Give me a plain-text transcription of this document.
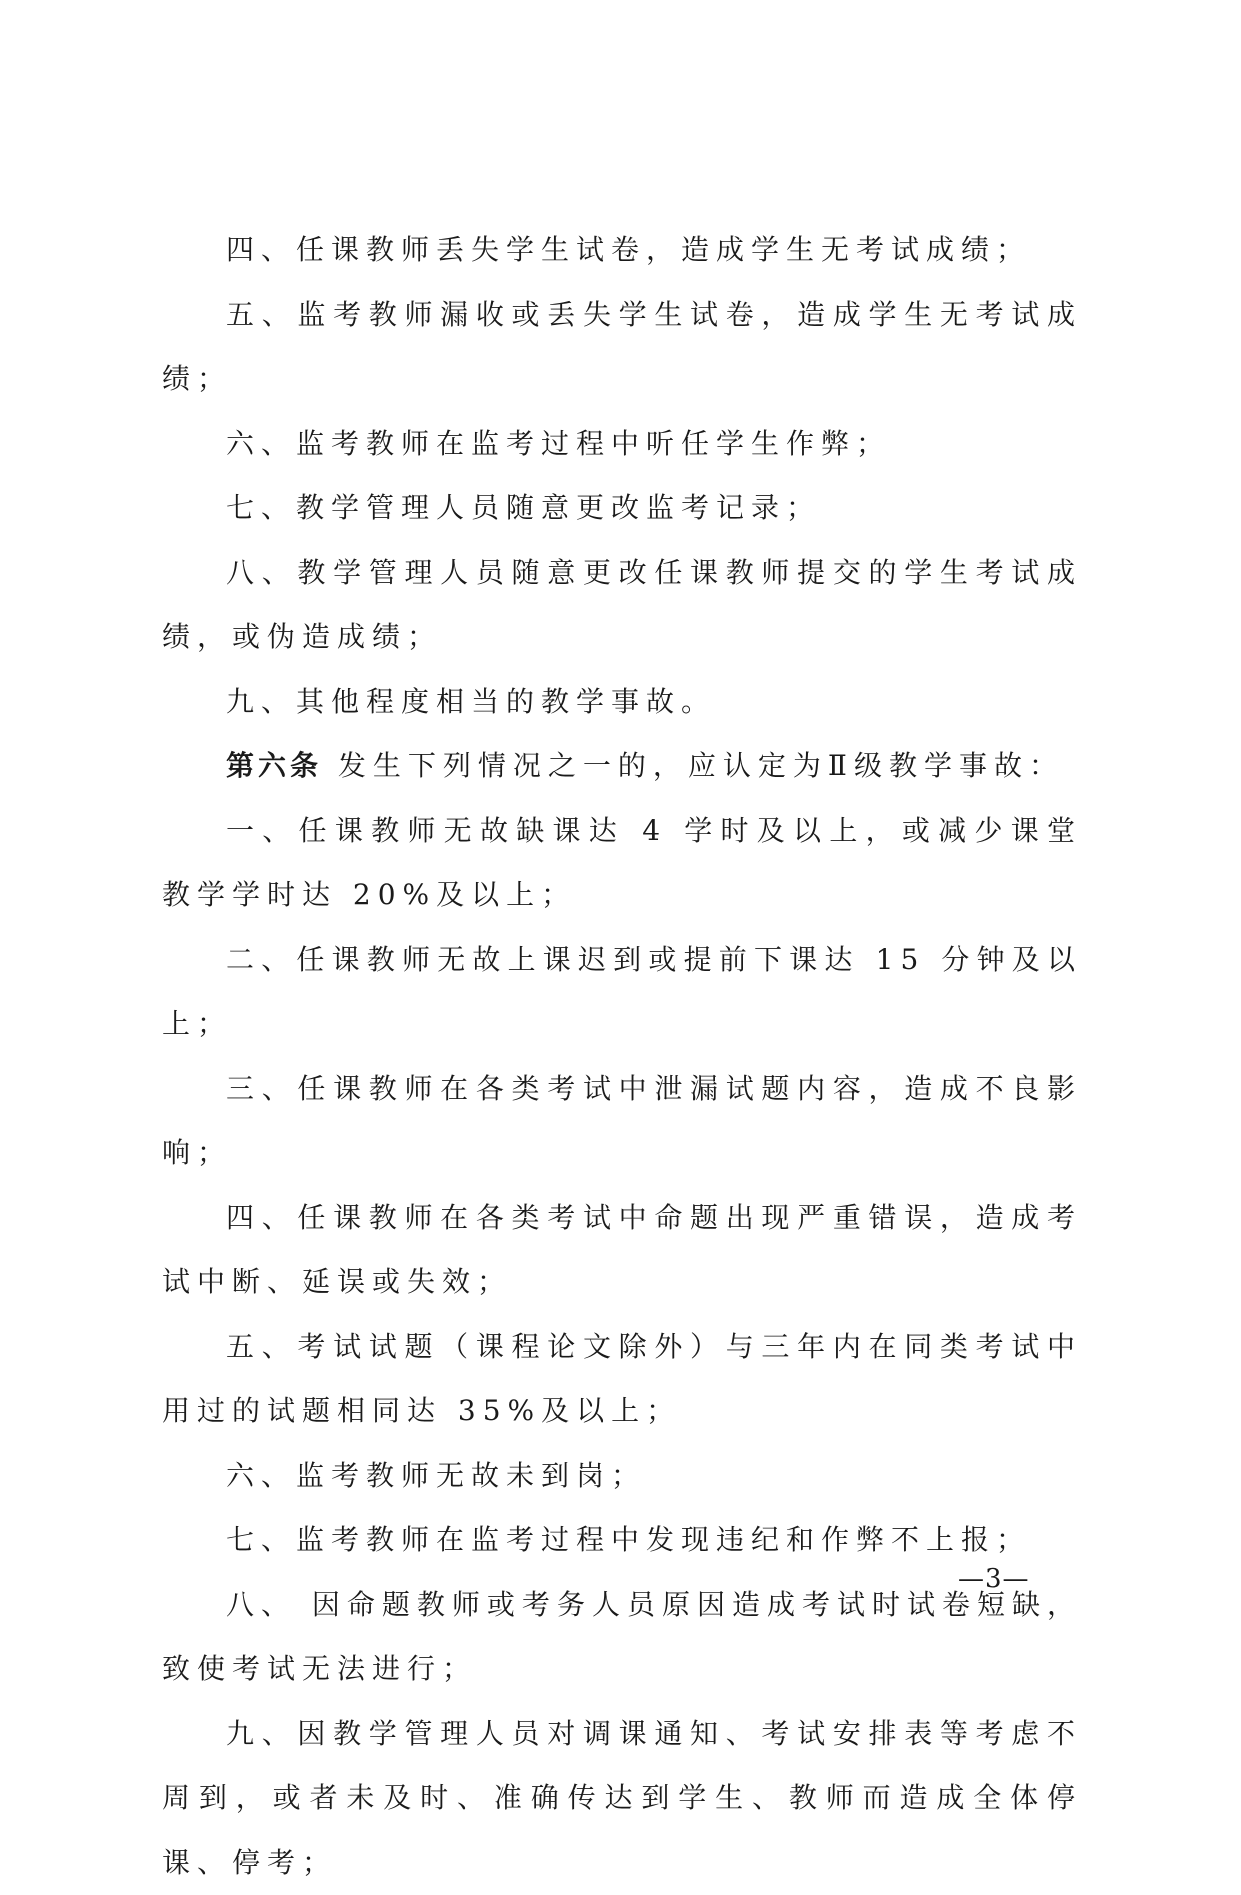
四、任课教师丢失学生试卷，造成学生无考试成绩；

五、监考教师漏收或丢失学生试卷，造成学生无考试成绩；

六、监考教师在监考过程中听任学生作弊；

七、教学管理人员随意更改监考记录；

八、教学管理人员随意更改任课教师提交的学生考试成绩，或伪造成绩；

九、其他程度相当的教学事故。

第六条 发生下列情况之一的，应认定为Ⅱ级教学事故：

一、任课教师无故缺课达 4 学时及以上，或减少课堂教学学时达 20%及以上；

二、任课教师无故上课迟到或提前下课达 15 分钟及以上；

三、任课教师在各类考试中泄漏试题内容，造成不良影响；

四、任课教师在各类考试中命题出现严重错误，造成考试中断、延误或失效；

五、考试试题（课程论文除外）与三年内在同类考试中用过的试题相同达 35%及以上；

六、监考教师无故未到岗；

七、监考教师在监考过程中发现违纪和作弊不上报；

八、 因命题教师或考务人员原因造成考试时试卷短缺，致使考试无法进行；

九、因教学管理人员对调课通知、考试安排表等考虑不周到，或者未及时、准确传达到学生、教师而造成全体停课、停考；

—3—
